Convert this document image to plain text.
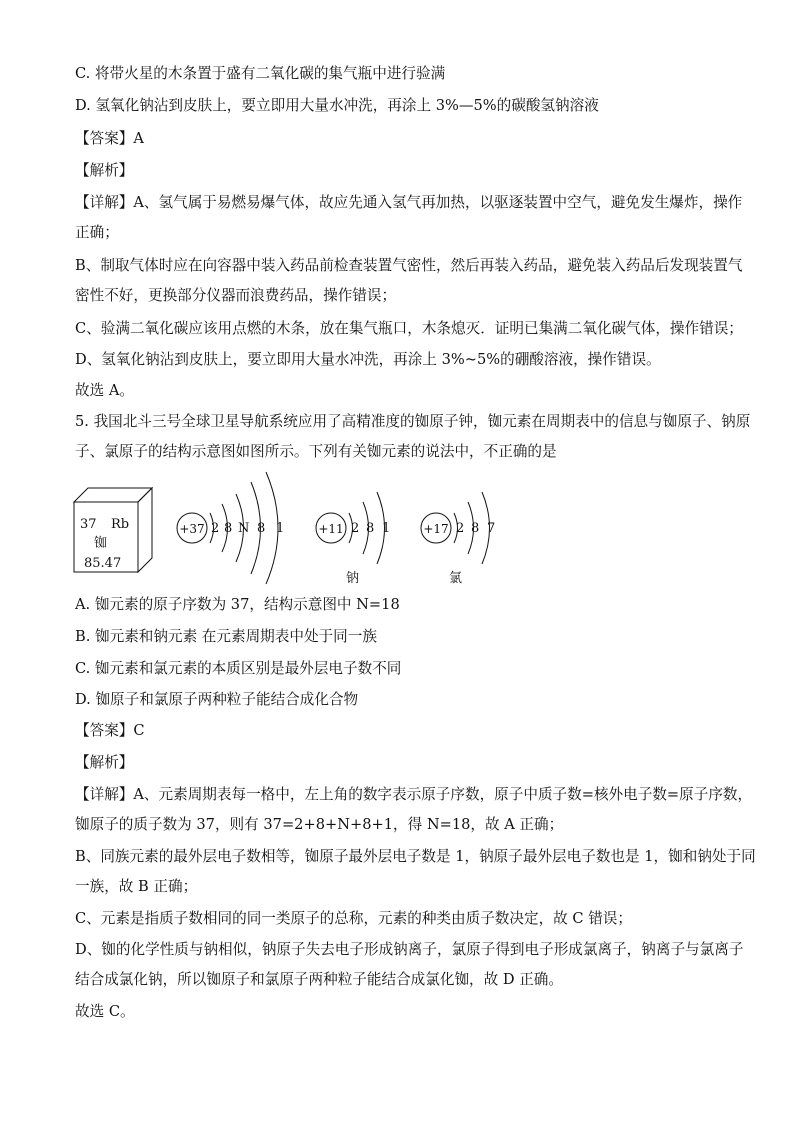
C. 将带火星的木条置于盛有二氧化碳的集气瓶中进行验满

D. 氢氧化钠沾到皮肤上，要立即用大量水冲洗，再涂上 3%—5%的碳酸氢钠溶液

【答案】A

【解析】

【详解】A、氢气属于易燃易爆气体，故应先通入氢气再加热，以驱逐装置中空气，避免发生爆炸，操作

正确；

B、制取气体时应在向容器中装入药品前检查装置气密性，然后再装入药品，避免装入药品后发现装置气

密性不好，更换部分仪器而浪费药品，操作错误；

C、验满二氧化碳应该用点燃的木条，放在集气瓶口，木条熄灭．证明已集满二氧化碳气体，操作错误；

D、氢氧化钠沾到皮肤上，要立即用大量水冲洗，再涂上 3%~5%的硼酸溶液，操作错误。

故选 A。

5. 我国北斗三号全球卫星导航系统应用了高精准度的铷原子钟，铷元素在周期表中的信息与铷原子、钠原

子、氯原子的结构示意图如图所示。下列有关铷元素的说法中，不正确的是

37 Rb
铷
85.47
+37 2 8 N 8 1	+11 2 8 1
钠
+17 2 8 7
氯

A. 铷元素的原子序数为 37，结构示意图中 N=18

B. 铷元素和钠元素 在元素周期表中处于同一族

C. 铷元素和氯元素的本质区别是最外层电子数不同

D. 铷原子和氯原子两种粒子能结合成化合物

【答案】C

【解析】

【详解】A、元素周期表每一格中，左上角的数字表示原子序数，原子中质子数=核外电子数=原子序数，

铷原子的质子数为 37，则有 37=2+8+N+8+1，得 N=18，故 A 正确；

B、同族元素的最外层电子数相等，铷原子最外层电子数是 1，钠原子最外层电子数也是 1，铷和钠处于同

一族，故 B 正确；

C、元素是指质子数相同的同一类原子的总称，元素的种类由质子数决定，故 C 错误；

D、铷的化学性质与钠相似，钠原子失去电子形成钠离子，氯原子得到电子形成氯离子，钠离子与氯离子

结合成氯化钠，所以铷原子和氯原子两种粒子能结合成氯化铷，故 D 正确。

故选 C。
